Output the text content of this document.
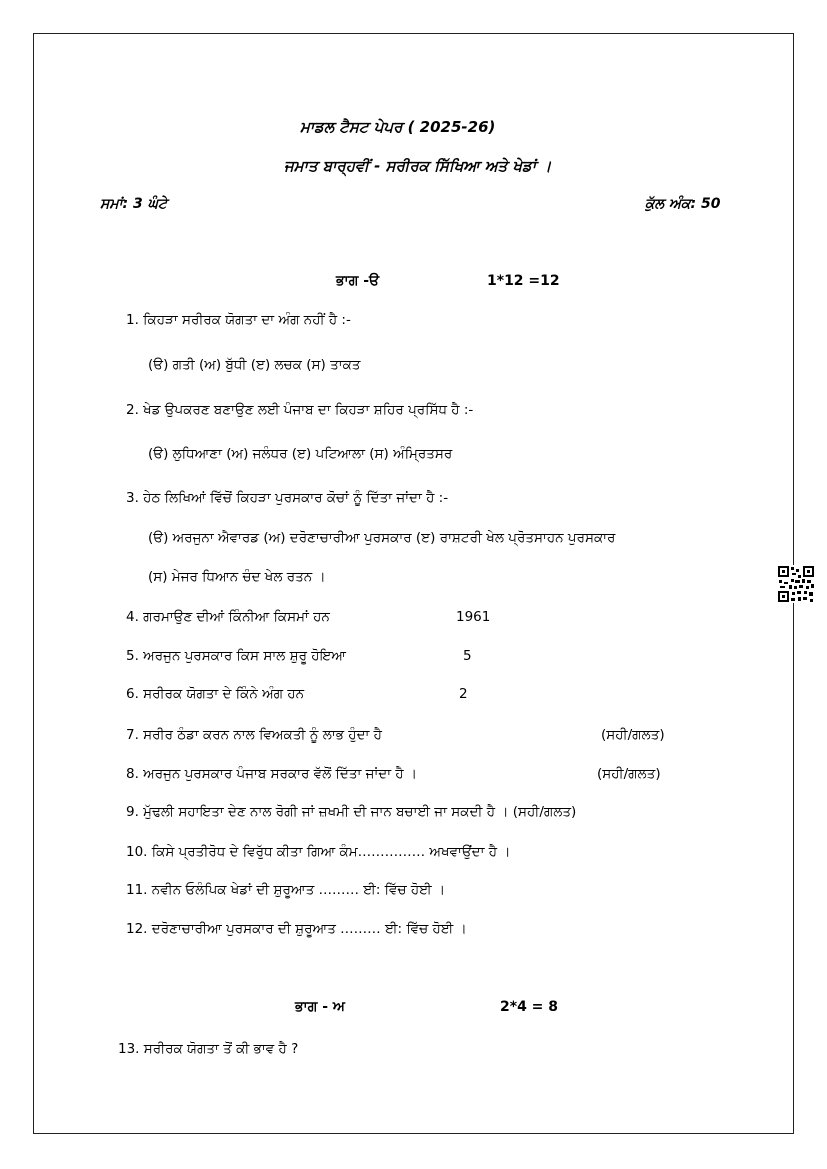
ਮਾਡਲ ਟੈਸਟ ਪੇਪਰ ( 2025-26)
ਜਮਾਤ ਬਾਰ੍ਹਵੀਂ - ਸਰੀਰਕ ਸਿੱਖਿਆ ਅਤੇ ਖੇਡਾਂ ।
ਸਮਾਂ: 3 ਘੰਟੇ	ਕੁੱਲ ਅੰਕ: 50
ਭਾਗ -ੳ	1*12 =12
1. ਕਿਹੜਾ ਸਰੀਰਕ ਯੋਗਤਾ ਦਾ ਅੰਗ ਨਹੀਂ ਹੈ :-
(ੳ) ਗਤੀ (ਅ) ਬੁੱਧੀ (ੲ) ਲਚਕ (ਸ) ਤਾਕਤ
2. ਖੇਡ ਉਪਕਰਣ ਬਣਾਉਣ ਲਈ ਪੰਜਾਬ ਦਾ ਕਿਹੜਾ ਸ਼ਹਿਰ ਪ੍ਰਸਿੱਧ ਹੈ :-
(ੳ) ਲੁਧਿਆਣਾ (ਅ) ਜਲੰਧਰ (ੲ) ਪਟਿਆਲਾ (ਸ) ਅੰਮ੍ਰਿਤਸਰ
3. ਹੇਠ ਲਿਖਿਆਂ ਵਿੱਚੋਂ ਕਿਹੜਾ ਪੁਰਸਕਾਰ ਕੋਚਾਂ ਨੂੰ ਦਿੱਤਾ ਜਾਂਦਾ ਹੈ :-
(ੳ) ਅਰਜੁਨਾ ਐਵਾਰਡ (ਅ) ਦਰੋਣਾਚਾਰੀਆ ਪੁਰਸਕਾਰ (ੲ) ਰਾਸ਼ਟਰੀ ਖੇਲ ਪ੍ਰੋਤਸਾਹਨ ਪੁਰਸਕਾਰ
(ਸ) ਮੇਜਰ ਧਿਆਨ ਚੰਦ ਖੇਲ ਰਤਨ ।
4. ਗਰਮਾਉਣ ਦੀਆਂ ਕਿੰਨੀਆ ਕਿਸਮਾਂ ਹਨ	1961
5. ਅਰਜੁਨ ਪੁਰਸਕਾਰ ਕਿਸ ਸਾਲ ਸ਼ੁਰੂ ਹੋਇਆ	5
6. ਸਰੀਰਕ ਯੋਗਤਾ ਦੇ ਕਿੰਨੇ ਅੰਗ ਹਨ	2
7. ਸਰੀਰ ਠੰਡਾ ਕਰਨ ਨਾਲ ਵਿਅਕਤੀ ਨੂੰ ਲਾਭ ਹੁੰਦਾ ਹੈ	(ਸਹੀ/ਗਲਤ)
8. ਅਰਜੁਨ ਪੁਰਸਕਾਰ ਪੰਜਾਬ ਸਰਕਾਰ ਵੱਲੋਂ ਦਿੱਤਾ ਜਾਂਦਾ ਹੈ ।	(ਸਹੀ/ਗਲਤ)
9. ਮੁੱਢਲੀ ਸਹਾਇਤਾ ਦੇਣ ਨਾਲ ਰੋਗੀ ਜਾਂ ਜ਼ਖਮੀ ਦੀ ਜਾਨ ਬਚਾਈ ਜਾ ਸਕਦੀ ਹੈ । (ਸਹੀ/ਗਲਤ)
10. ਕਿਸੇ ਪ੍ਰਤੀਰੋਧ ਦੇ ਵਿਰੁੱਧ ਕੀਤਾ ਗਿਆ ਕੰਮ…………… ਅਖਵਾਉਂਦਾ ਹੈ ।
11. ਨਵੀਨ ਓਲੰਪਿਕ ਖੇਡਾਂ ਦੀ ਸ਼ੁਰੂਆਤ ……… ਈ: ਵਿੱਚ ਹੋਈ ।
12. ਦਰੋਣਾਚਾਰੀਆ ਪੁਰਸਕਾਰ ਦੀ ਸ਼ੁਰੂਆਤ ……… ਈ: ਵਿੱਚ ਹੋਈ ।
ਭਾਗ - ਅ	2*4 = 8
13. ਸਰੀਰਕ ਯੋਗਤਾ ਤੋਂ ਕੀ ਭਾਵ ਹੈ ?
